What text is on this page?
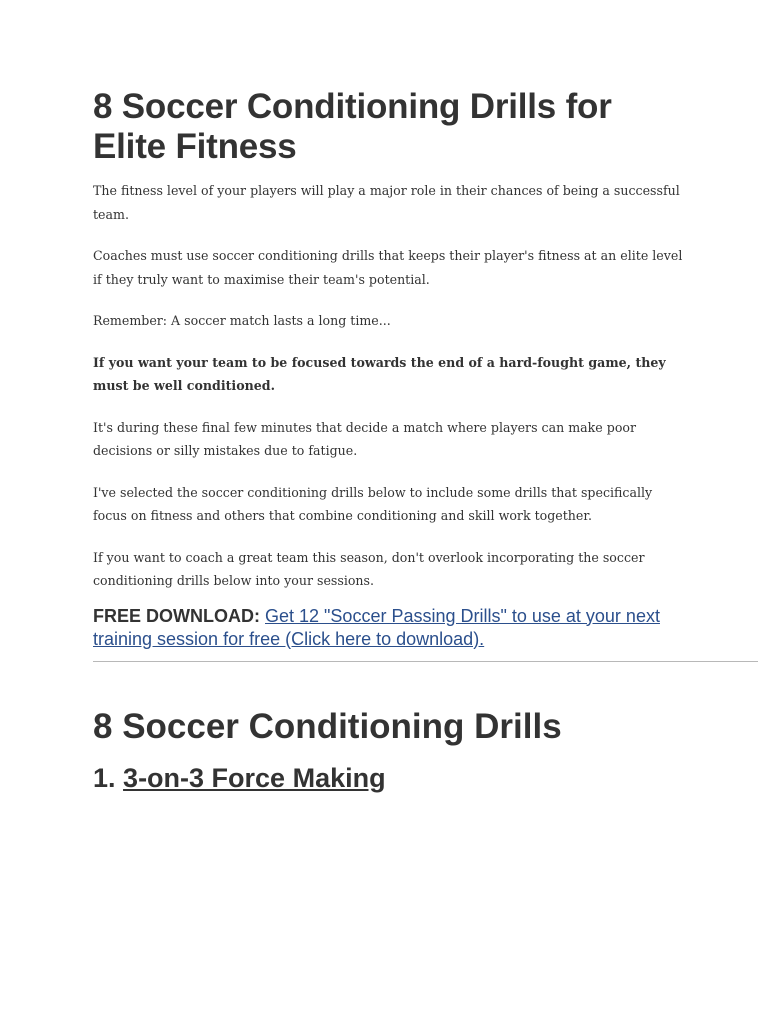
8 Soccer Conditioning Drills for Elite Fitness

The fitness level of your players will play a major role in their chances of being a successful team.

Coaches must use soccer conditioning drills that keeps their player's fitness at an elite level if they truly want to maximise their team's potential.

Remember: A soccer match lasts a long time...

If you want your team to be focused towards the end of a hard-fought game, they must be well conditioned.

It's during these final few minutes that decide a match where players can make poor decisions or silly mistakes due to fatigue.

I've selected the soccer conditioning drills below to include some drills that specifically focus on fitness and others that combine conditioning and skill work together.

If you want to coach a great team this season, don't overlook incorporating the soccer conditioning drills below into your sessions.

FREE DOWNLOAD: Get 12 "Soccer Passing Drills" to use at your next training session for free (Click here to download).

8 Soccer Conditioning Drills
1. 3-on-3 Force Making
